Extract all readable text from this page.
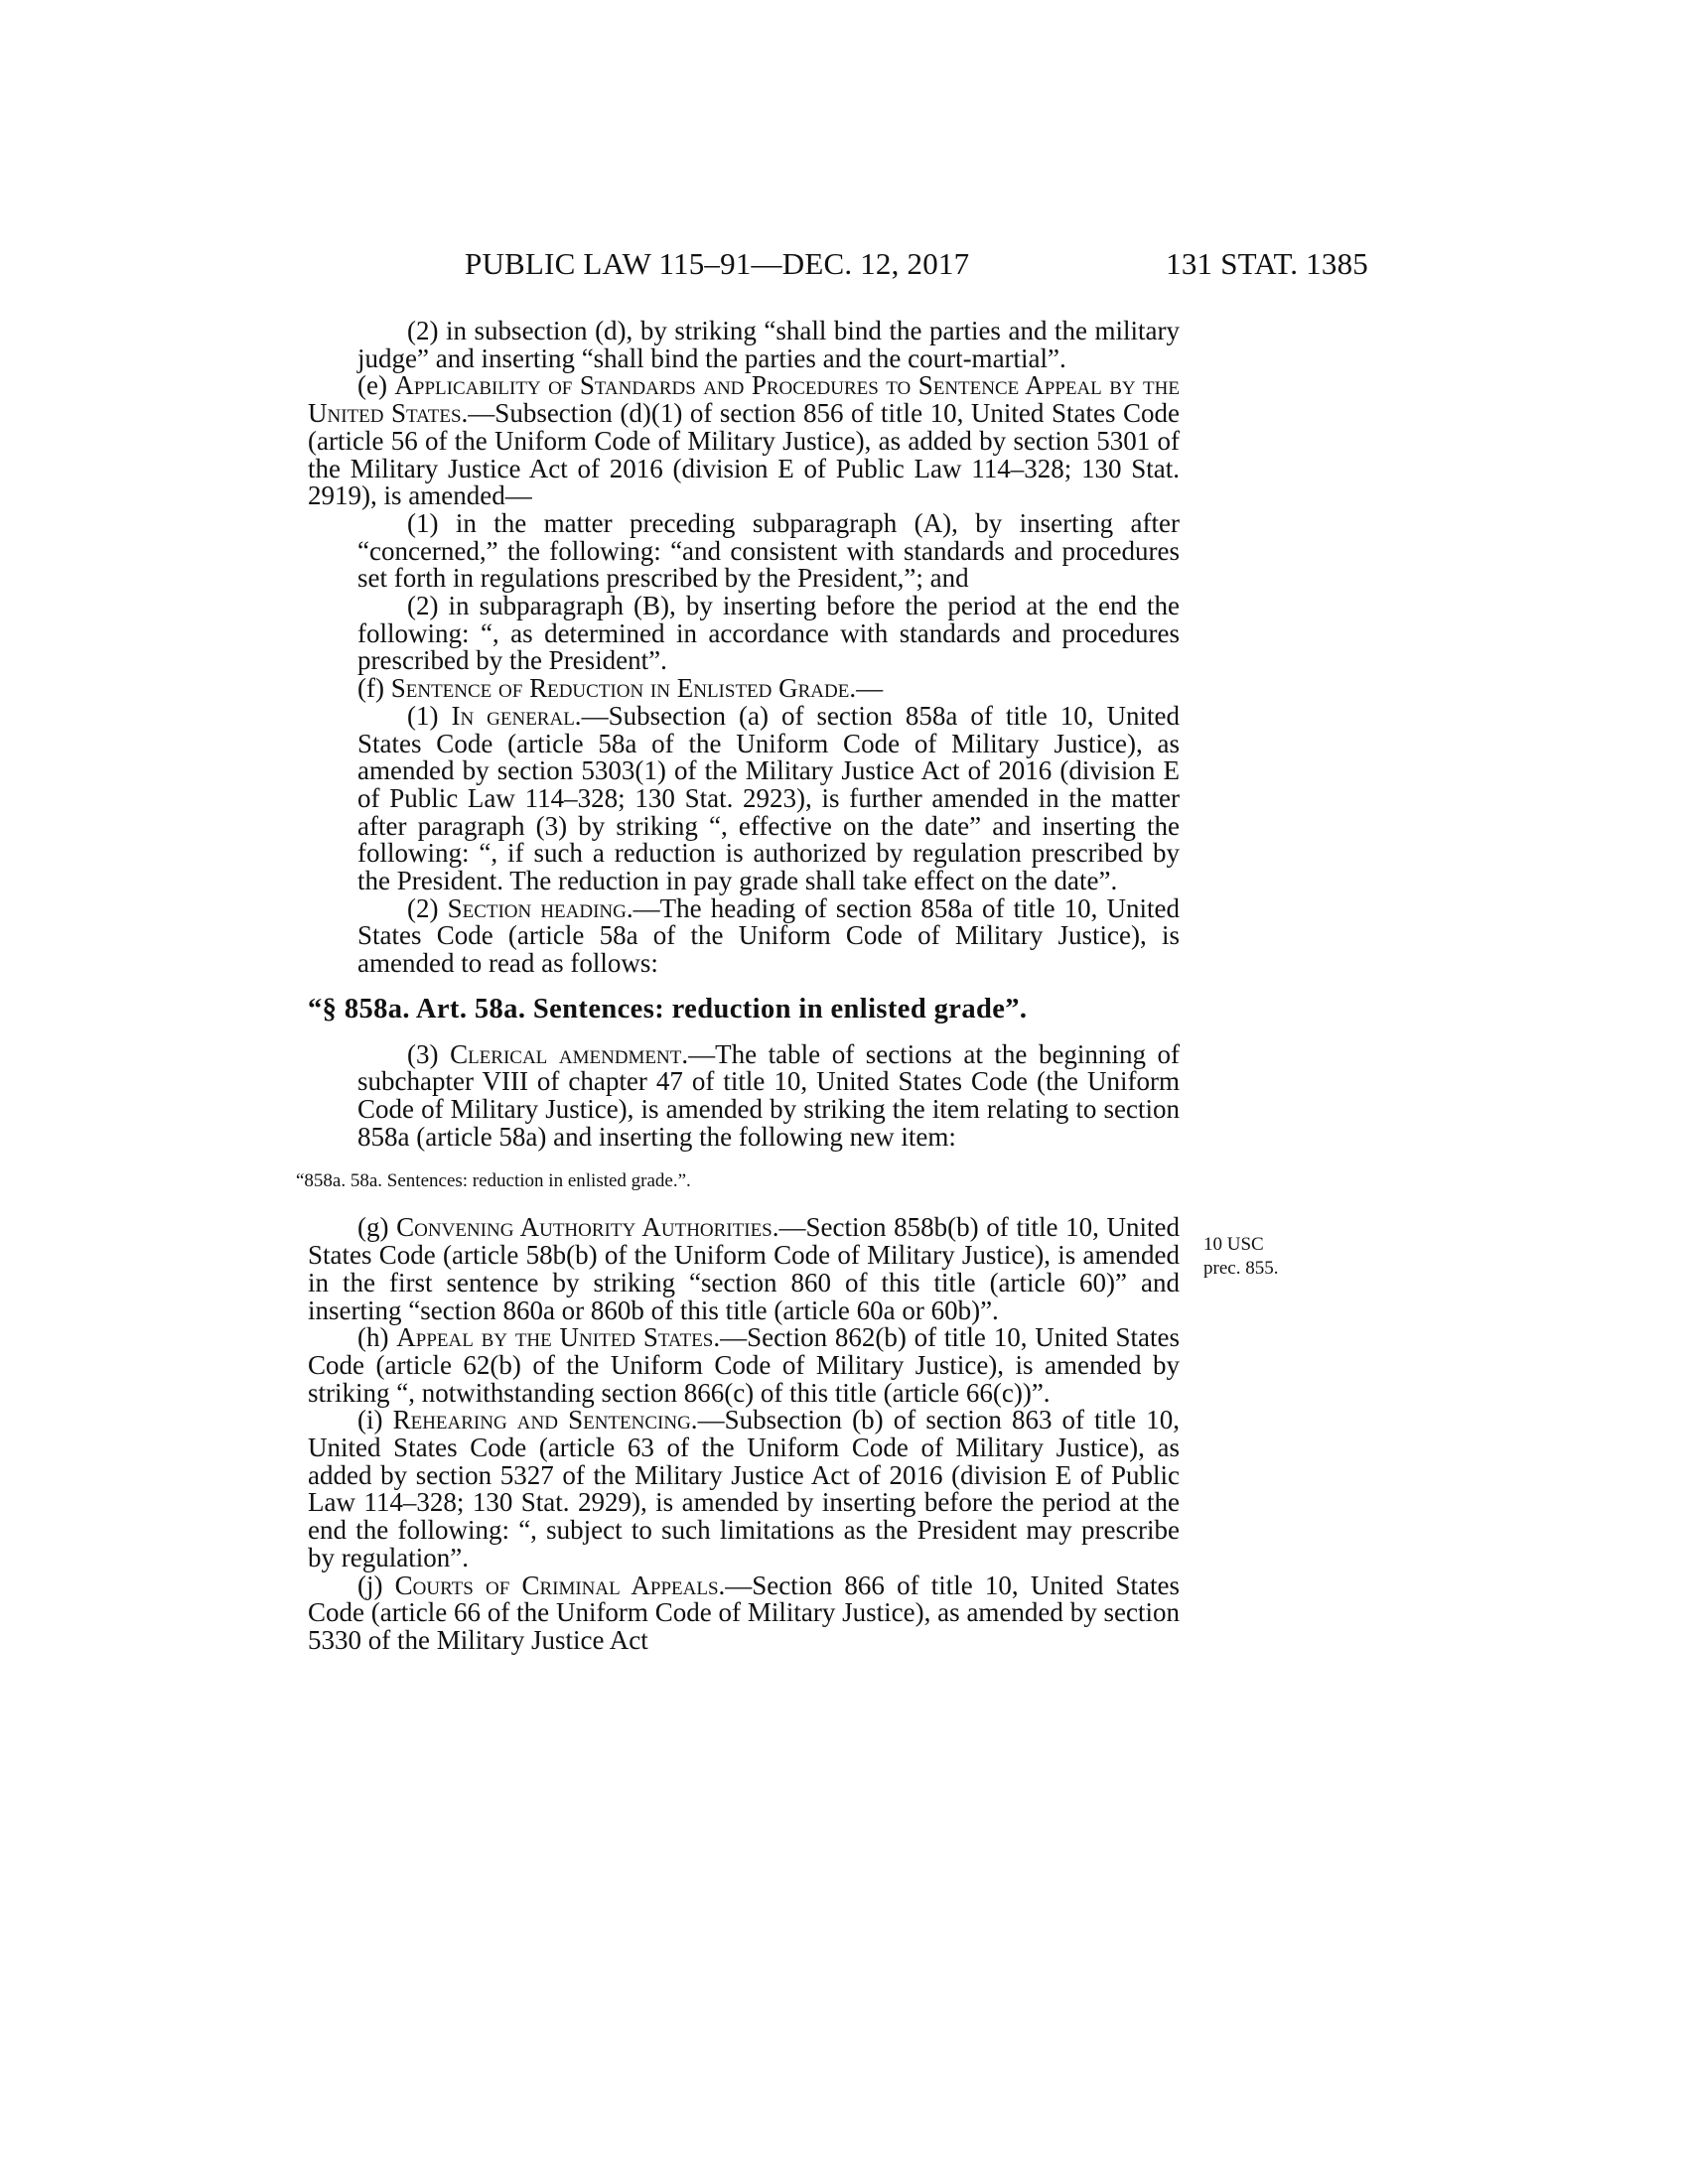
PUBLIC LAW 115–91—DEC. 12, 2017	131 STAT. 1385

(2) in subsection (d), by striking “shall bind the parties and the military judge” and inserting “shall bind the parties and the court-martial”.

(e) Applicability of Standards and Procedures to Sentence Appeal by the United States.—Subsection (d)(1) of section 856 of title 10, United States Code (article 56 of the Uniform Code of Military Justice), as added by section 5301 of the Military Justice Act of 2016 (division E of Public Law 114–328; 130 Stat. 2919), is amended—

(1) in the matter preceding subparagraph (A), by inserting after “concerned,” the following: “and consistent with standards and procedures set forth in regulations prescribed by the President,”; and

(2) in subparagraph (B), by inserting before the period at the end the following: “, as determined in accordance with standards and procedures prescribed by the President”.

(f) Sentence of Reduction in Enlisted Grade.—

(1) In general.—Subsection (a) of section 858a of title 10, United States Code (article 58a of the Uniform Code of Military Justice), as amended by section 5303(1) of the Military Justice Act of 2016 (division E of Public Law 114–328; 130 Stat. 2923), is further amended in the matter after paragraph (3) by striking “, effective on the date” and inserting the following: “, if such a reduction is authorized by regulation prescribed by the President. The reduction in pay grade shall take effect on the date”.

(2) Section heading.—The heading of section 858a of title 10, United States Code (article 58a of the Uniform Code of Military Justice), is amended to read as follows:

“§ 858a. Art. 58a. Sentences: reduction in enlisted grade”.

(3) Clerical amendment.—The table of sections at the beginning of subchapter VIII of chapter 47 of title 10, United States Code (the Uniform Code of Military Justice), is amended by striking the item relating to section 858a (article 58a) and inserting the following new item:

“858a. 58a. Sentences: reduction in enlisted grade.”.

(g) Convening Authority Authorities.—Section 858b(b) of title 10, United States Code (article 58b(b) of the Uniform Code of Military Justice), is amended in the first sentence by striking “section 860 of this title (article 60)” and inserting “section 860a or 860b of this title (article 60a or 60b)”.

(h) Appeal by the United States.—Section 862(b) of title 10, United States Code (article 62(b) of the Uniform Code of Military Justice), is amended by striking “, notwithstanding section 866(c) of this title (article 66(c))”.

(i) Rehearing and Sentencing.—Subsection (b) of section 863 of title 10, United States Code (article 63 of the Uniform Code of Military Justice), as added by section 5327 of the Military Justice Act of 2016 (division E of Public Law 114–328; 130 Stat. 2929), is amended by inserting before the period at the end the following: “, subject to such limitations as the President may prescribe by regulation”.

(j) Courts of Criminal Appeals.—Section 866 of title 10, United States Code (article 66 of the Uniform Code of Military Justice), as amended by section 5330 of the Military Justice Act

10 USC
prec. 855.
